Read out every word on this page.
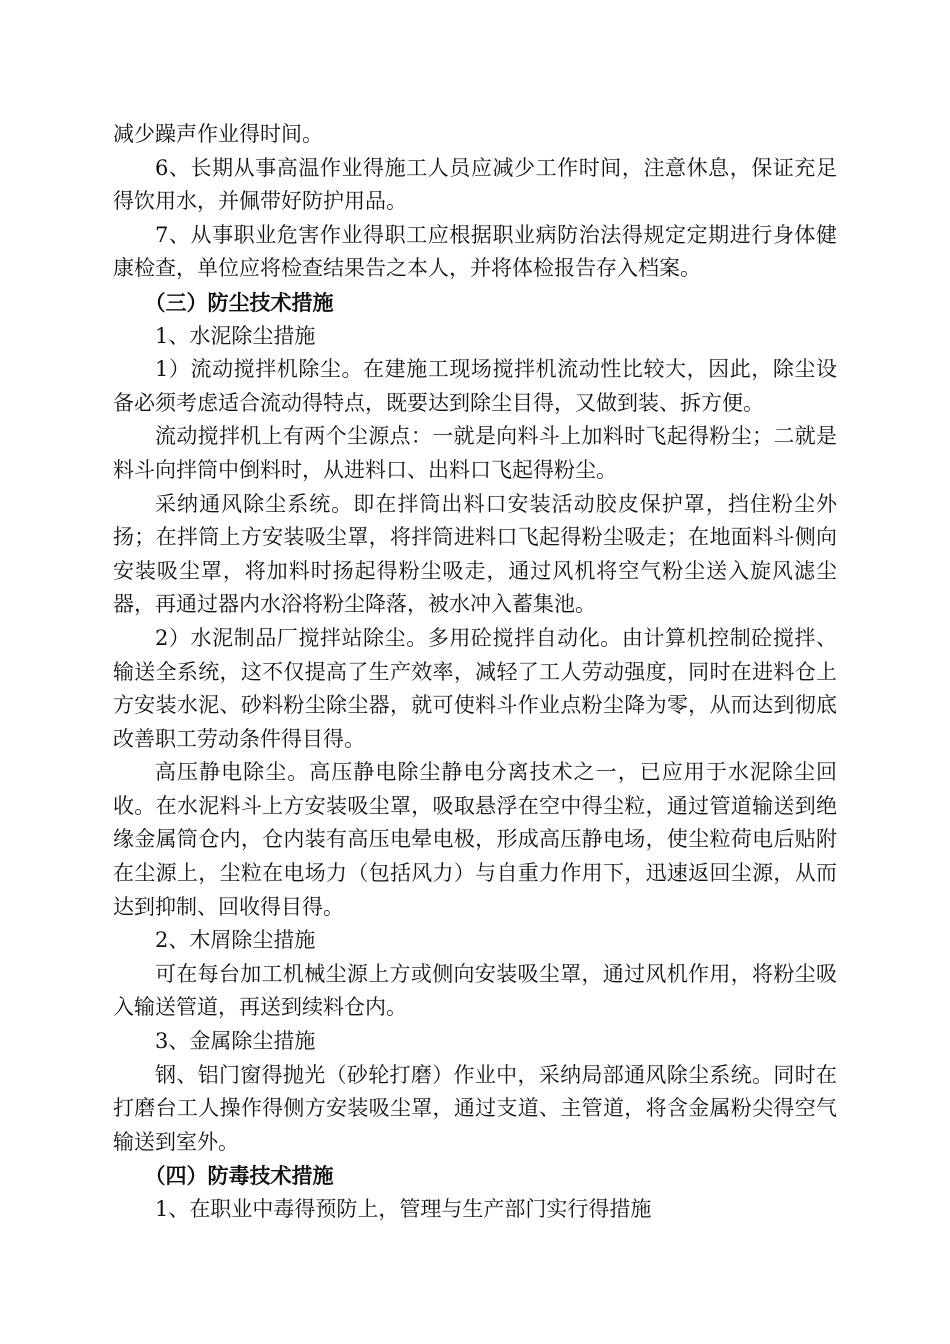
减少躁声作业得时间。

6、长期从事高温作业得施工人员应减少工作时间，注意休息，保证充足得饮用水，并佩带好防护用品。

7、从事职业危害作业得职工应根据职业病防治法得规定定期进行身体健康检查，单位应将检查结果告之本人，并将体检报告存入档案。

（三）防尘技术措施

1、水泥除尘措施

1）流动搅拌机除尘。在建施工现场搅拌机流动性比较大，因此，除尘设备必须考虑适合流动得特点，既要达到除尘目得，又做到装、拆方便。

流动搅拌机上有两个尘源点：一就是向料斗上加料时飞起得粉尘；二就是料斗向拌筒中倒料时，从进料口、出料口飞起得粉尘。

采纳通风除尘系统。即在拌筒出料口安装活动胶皮保护罩，挡住粉尘外扬；在拌筒上方安装吸尘罩，将拌筒进料口飞起得粉尘吸走；在地面料斗侧向安装吸尘罩，将加料时扬起得粉尘吸走，通过风机将空气粉尘送入旋风滤尘器，再通过器内水浴将粉尘降落，被水冲入蓄集池。

2）水泥制品厂搅拌站除尘。多用砼搅拌自动化。由计算机控制砼搅拌、输送全系统，这不仅提高了生产效率，减轻了工人劳动强度，同时在进料仓上方安装水泥、砂料粉尘除尘器，就可使料斗作业点粉尘降为零，从而达到彻底改善职工劳动条件得目得。

高压静电除尘。高压静电除尘静电分离技术之一，已应用于水泥除尘回收。在水泥料斗上方安装吸尘罩，吸取悬浮在空中得尘粒，通过管道输送到绝缘金属筒仓内，仓内装有高压电晕电极，形成高压静电场，使尘粒荷电后贴附在尘源上，尘粒在电场力（包括风力）与自重力作用下，迅速返回尘源，从而达到抑制、回收得目得。

2、木屑除尘措施

可在每台加工机械尘源上方或侧向安装吸尘罩，通过风机作用，将粉尘吸入输送管道，再送到续料仓内。

3、金属除尘措施

钢、铝门窗得抛光（砂轮打磨）作业中，采纳局部通风除尘系统。同时在打磨台工人操作得侧方安装吸尘罩，通过支道、主管道，将含金属粉尖得空气输送到室外。

（四）防毒技术措施

1、在职业中毒得预防上，管理与生产部门实行得措施
